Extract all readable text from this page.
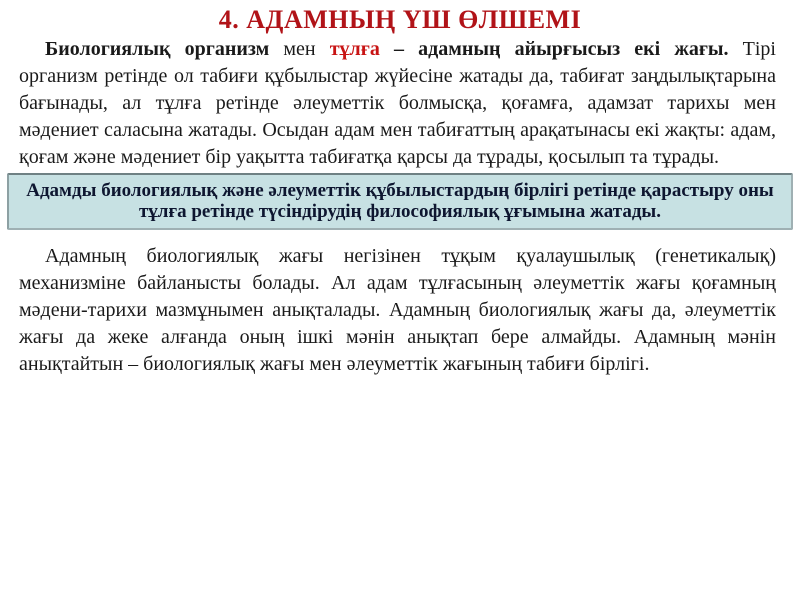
4. АДАМНЫҢ ҮШ ӨЛШЕМІ

Биологиялық организм мен тұлға – адамның айырғысыз екі жағы. Тірі организм ретінде ол табиғи құбылыстар жүйесіне жатады да, табиғат заңдылықтарына бағынады, ал тұлға ретінде әлеуметтік болмысқа, қоғамға, адамзат тарихы мен мәдениет саласына жатады. Осыдан адам мен табиғаттың арақатынасы екі жақты: адам, қоғам және мәдениет бір уақытта табиғатқа қарсы да тұрады, қосылып та тұрады.

Адамды биологиялық және әлеуметтік құбылыстардың бірлігі ретінде қарастыру оны тұлға ретінде түсіндірудің философиялық ұғымына жатады.

Адамның биологиялық жағы негізінен тұқым қуалаушылық (генетикалық) механизміне байланысты болады. Ал адам тұлғасының әлеуметтік жағы қоғамның мәдени-тарихи мазмұнымен анықталады. Адамның биологиялық жағы да, әлеуметтік жағы да жеке алғанда оның ішкі мәнін анықтап бере алмайды. Адамның мәнін анықтайтын – биологиялық жағы мен әлеуметтік жағының табиғи бірлігі.
